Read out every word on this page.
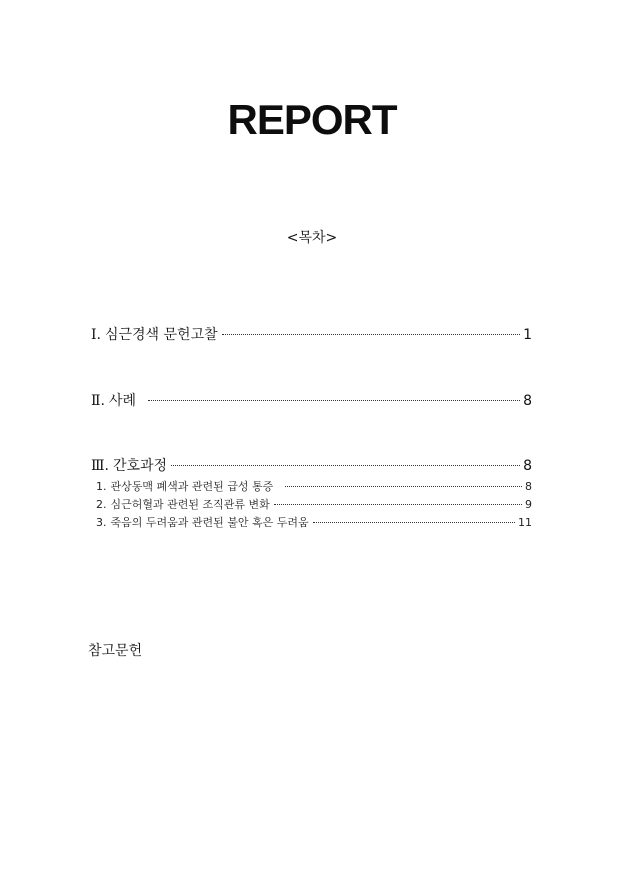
REPORT
<목차>
Ⅰ. 심근경색 문헌고찰	1
Ⅱ. 사례	8
Ⅲ. 간호과정	8
1. 관상동맥 폐색과 관련된 급성 통증	8
2. 심근허혈과 관련된 조직관류 변화	9
3. 죽음의 두려움과 관련된 불안 혹은 두려움	11
참고문헌
